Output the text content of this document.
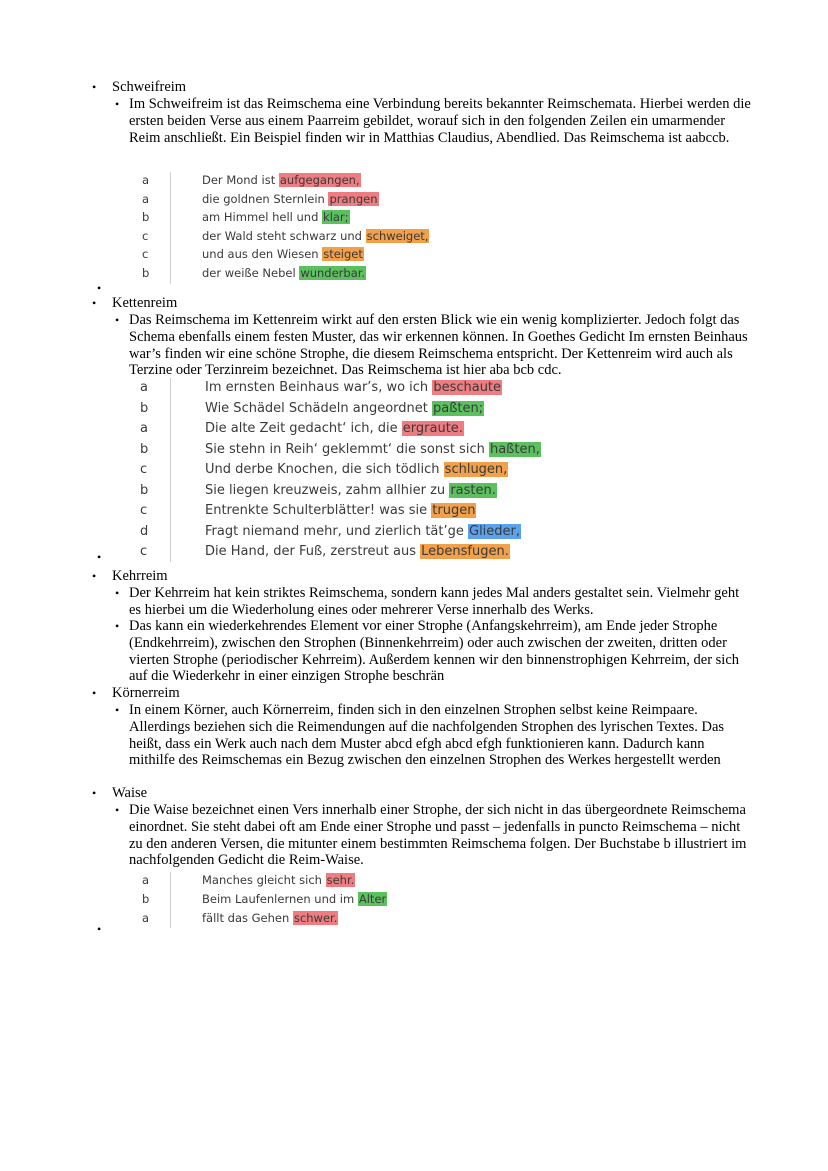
Schweifreim
• Im Schweifreim ist das Reimschema eine Verbindung bereits bekannter Reimschemata. Hierbei werden die ersten beiden Verse aus einem Paarreim gebildet, worauf sich in den folgenden Zeilen ein umarmender Reim anschließt. Ein Beispiel finden wir in Matthias Claudius, Abendlied. Das Reimschema ist aabccb.
a	Der Mond ist aufgegangen,
a	die goldnen Sternlein prangen
b	am Himmel hell und klar;
c	der Wald steht schwarz und schweiget,
c	und aus den Wiesen steiget
b	der weiße Nebel wunderbar.
•
Kettenreim
• Das Reimschema im Kettenreim wirkt auf den ersten Blick wie ein wenig komplizierter. Jedoch folgt das Schema ebenfalls einem festen Muster, das wir erkennen können. In Goethes Gedicht Im ernsten Beinhaus war’s finden wir eine schöne Strophe, die diesem Reimschema entspricht. Der Kettenreim wird auch als Terzine oder Terzinreim bezeichnet. Das Reimschema ist hier aba bcb cdc.
a	Im ernsten Beinhaus war’s, wo ich beschaute
b	Wie Schädel Schädeln angeordnet paßten;
a	Die alte Zeit gedacht‘ ich, die ergraute.
b	Sie stehn in Reih‘ geklemmt‘ die sonst sich haßten,
c	Und derbe Knochen, die sich tödlich schlugen,
b	Sie liegen kreuzweis, zahm allhier zu rasten.
c	Entrenkte Schulterblätter! was sie trugen
d	Fragt niemand mehr, und zierlich tät’ge Glieder,
c	Die Hand, der Fuß, zerstreut aus Lebensfugen.
•
Kehrreim
• Der Kehrreim hat kein striktes Reimschema, sondern kann jedes Mal anders gestaltet sein. Vielmehr geht es hierbei um die Wiederholung eines oder mehrerer Verse innerhalb des Werks.
• Das kann ein wiederkehrendes Element vor einer Strophe (Anfangskehrreim), am Ende jeder Strophe (Endkehrreim), zwischen den Strophen (Binnenkehrreim) oder auch zwischen der zweiten, dritten oder vierten Strophe (periodischer Kehrreim). Außerdem kennen wir den binnenstrophigen Kehrreim, der sich auf die Wiederkehr in einer einzigen Strophe beschrän
Körnerreim
• In einem Körner, auch Körnerreim, finden sich in den einzelnen Strophen selbst keine Reimpaare. Allerdings beziehen sich die Reimendungen auf die nachfolgenden Strophen des lyrischen Textes. Das heißt, dass ein Werk auch nach dem Muster abcd efgh abcd efgh funktionieren kann. Dadurch kann mithilfe des Reimschemas ein Bezug zwischen den einzelnen Strophen des Werkes hergestellt werden
Waise
• Die Waise bezeichnet einen Vers innerhalb einer Strophe, der sich nicht in das übergeordnete Reimschema einordnet. Sie steht dabei oft am Ende einer Strophe und passt – jedenfalls in puncto Reimschema – nicht zu den anderen Versen, die mitunter einem bestimmten Reimschema folgen. Der Buchstabe b illustriert im nachfolgenden Gedicht die Reim-Waise.
a	Manches gleicht sich sehr.
b	Beim Laufenlernen und im Alter
a	fällt das Gehen schwer.
•
